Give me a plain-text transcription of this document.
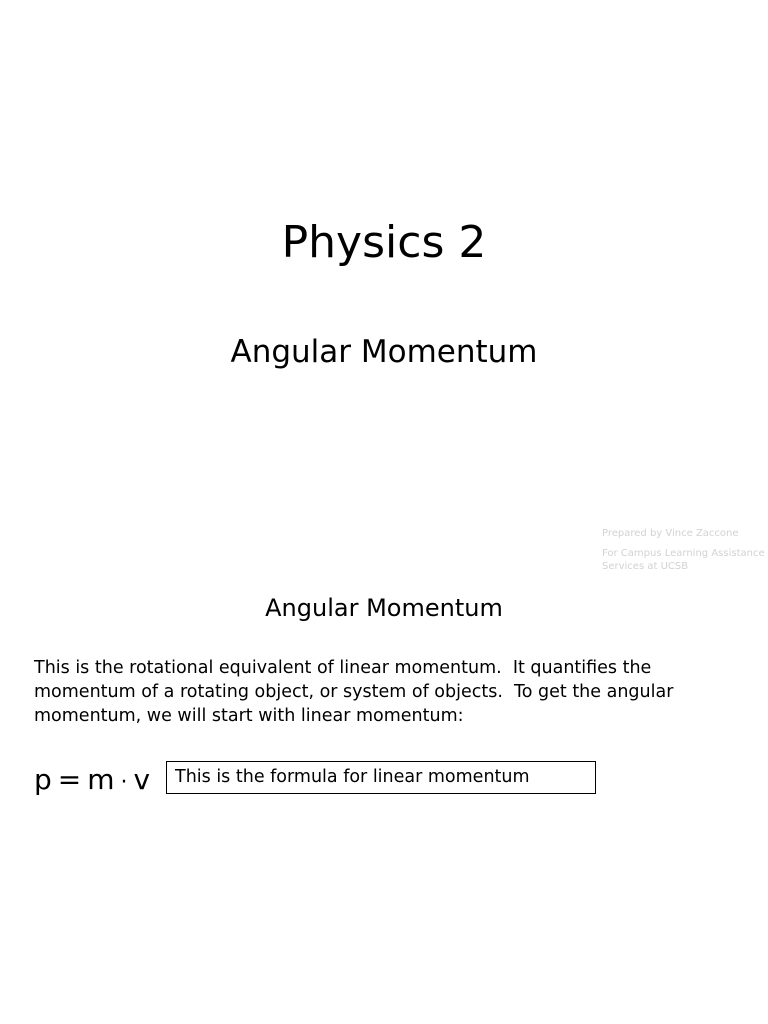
Physics 2
Angular Momentum
Prepared by Vince Zaccone
For Campus Learning Assistance Services at UCSB
Angular Momentum
This is the rotational equivalent of linear momentum.  It quantifies the momentum of a rotating object, or system of objects.  To get the angular momentum, we will start with linear momentum:
p = m · v	This is the formula for linear momentum
